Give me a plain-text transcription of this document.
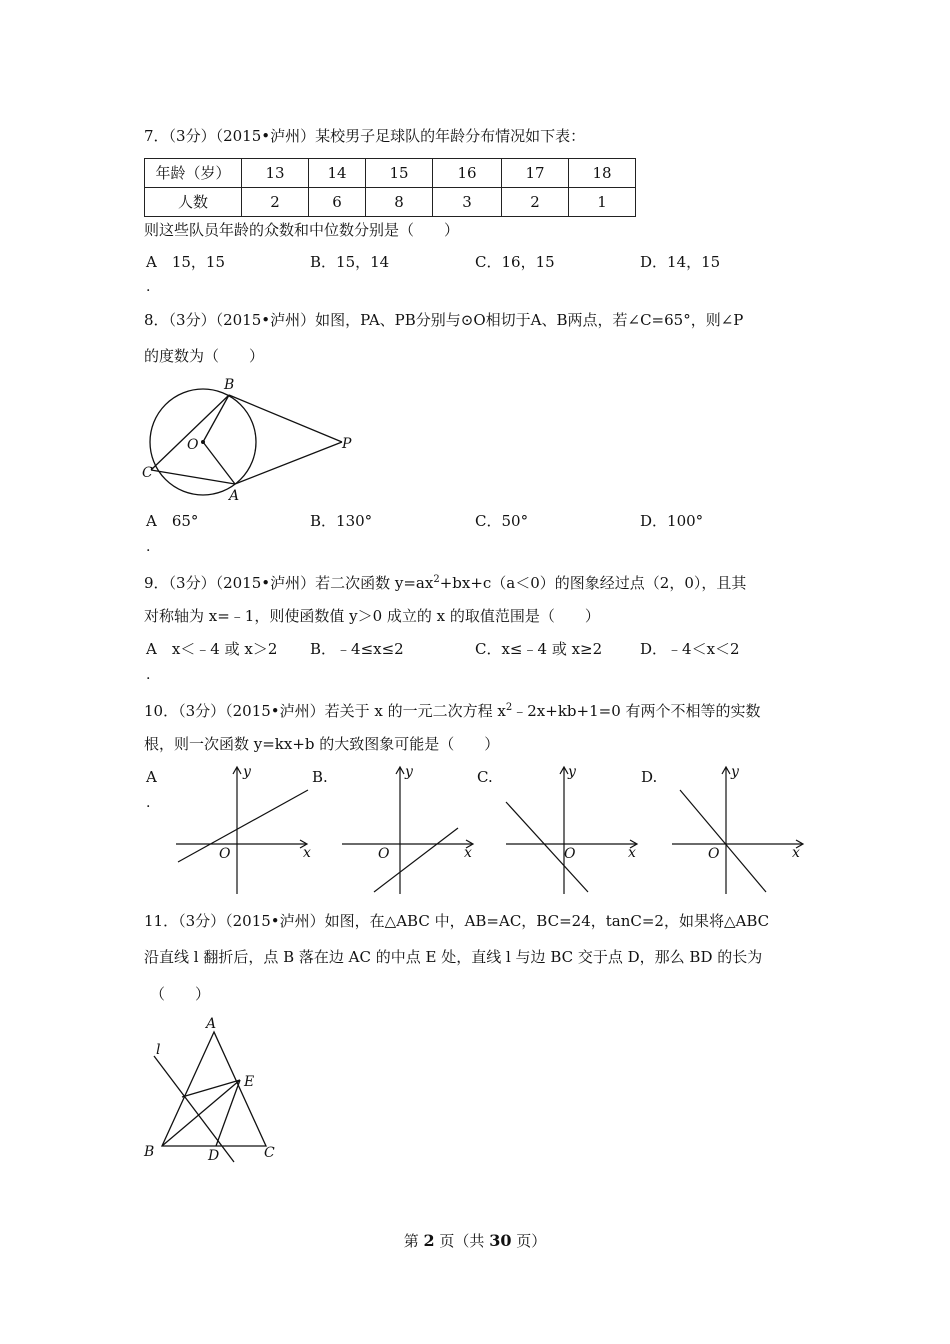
7．（3分）（2015•泸州）某校男子足球队的年龄分布情况如下表：
年龄（岁）	13	14	15	16	17	18
人数	2	6	8	3	2	1
则这些队员年龄的众数和中位数分别是（　　）
A　15，15	B．15，14	C．16，15	D．14，15
.
8．（3分）（2015•泸州）如图，PA、PB分别与⊙O相切于A、B两点，若∠C=65°，则∠P
的度数为（　　）
B
O	P
C
A
A　65°	B．130°	C．50°	D．100°
.
9．（3分）（2015•泸州）若二次函数 $y=ax^2+bx+c(a<0)$的图象经过点（2，0），且其
对称轴为 x=﹣1，则使函数值 y＞0 成立的 x 的取值范围是（　　）
A　x＜﹣4 或 x＞2 B．﹣4≤x≤2	C．x≤﹣4 或 x≥2	D．﹣4＜x＜2
.
10．（3分）（2015•泸州）若关于 x 的一元二次方程 $x^2﹣2x+kb+1=0$ 有两个不相等的实数
根，则一次函数 y=kx+b 的大致图象可能是（　　）
A
.
B.	C.	D.
y
x
O
y
x
O
y
x
O
y
x
O
11．（3分）（2015•泸州）如图，在△ABC 中，AB=AC，BC=24，tanC=2，如果将△ABC
沿直线 l 翻折后，点 B 落在边 AC 的中点 E 处，直线 l 与边 BC 交于点 D，那么 BD 的长为
（　　）
A
l
E
B	D	C
第 2 页（共 30 页）
